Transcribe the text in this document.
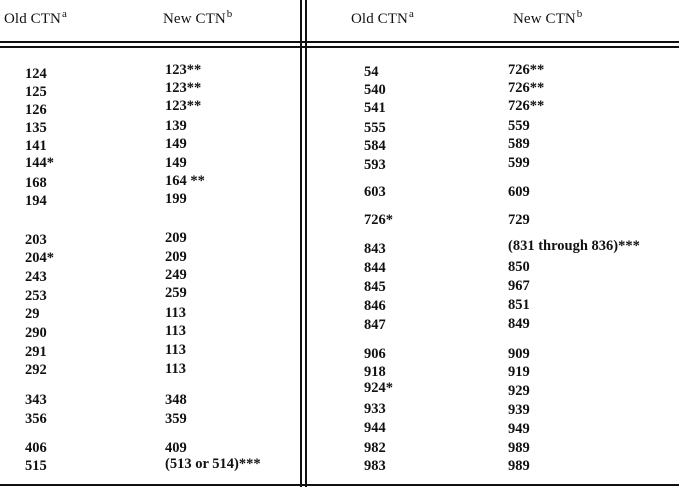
Old CTN$^a$	New CTN$^b$	Old CTN$^a$	New CTN$^b$
124	123**
125	123**
126	123**
135	139
141	149
144*	149
168	164 **
194	199
203	209
204*	209
243	249
253	259
29	113
290	113
291	113
292	113
343	348
356	359
406	409
515	(513 or 514)***
54	726**
540	726**
541	726**
555	559
584	589
593	599
603	609
726*	729
843	(831 through 836)***
844	850
845	967
846	851
847	849
906	909
918	919
924*	929
933	939
944	949
982	989
983	989
